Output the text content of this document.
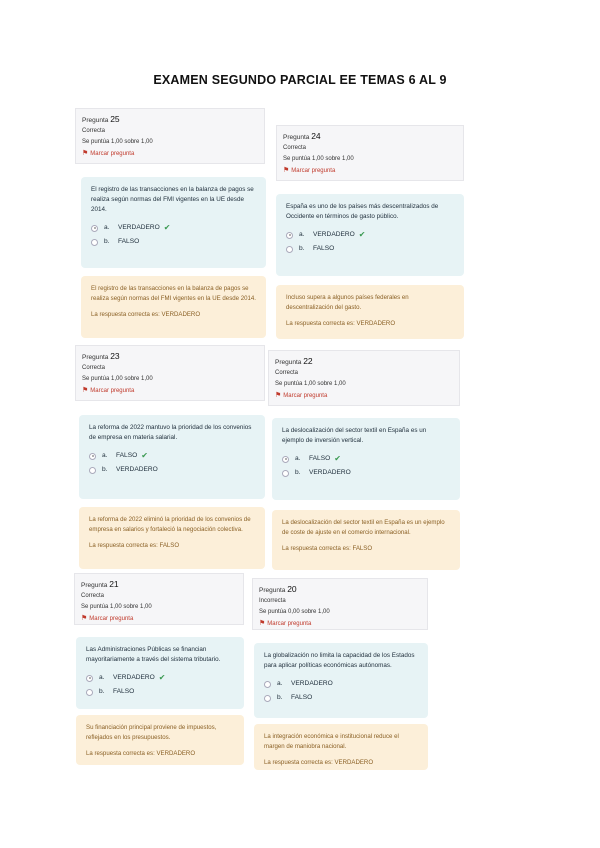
EXAMEN SEGUNDO PARCIAL EE TEMAS 6 AL 9
Pregunta 25
Correcta
Se puntúa 1,00 sobre 1,00
⚑ Marcar pregunta
El registro de las transacciones en la balanza de pagos se realiza según normas del FMI vigentes en la UE desde 2014.
a.	VERDADERO ✔
b.	FALSO
El registro de las transacciones en la balanza de pagos se realiza según normas del FMI vigentes en la UE desde 2014.
La respuesta correcta es: VERDADERO
Pregunta 24
Correcta
Se puntúa 1,00 sobre 1,00
⚑ Marcar pregunta
España es uno de los países más descentralizados de Occidente en términos de gasto público.
a.	VERDADERO ✔
b.	FALSO
Incluso supera a algunos países federales en descentralización del gasto.
La respuesta correcta es: VERDADERO
Pregunta 23
Correcta
Se puntúa 1,00 sobre 1,00
⚑ Marcar pregunta
La reforma de 2022 mantuvo la prioridad de los convenios de empresa en materia salarial.
a.	FALSO ✔
b.	VERDADERO
La reforma de 2022 eliminó la prioridad de los convenios de empresa en salarios y fortaleció la negociación colectiva.
La respuesta correcta es: FALSO
Pregunta 22
Correcta
Se puntúa 1,00 sobre 1,00
⚑ Marcar pregunta
La deslocalización del sector textil en España es un ejemplo de inversión vertical.
a.	FALSO ✔
b.	VERDADERO
La deslocalización del sector textil en España es un ejemplo de coste de ajuste en el comercio internacional.
La respuesta correcta es: FALSO
Pregunta 21
Correcta
Se puntúa 1,00 sobre 1,00
⚑ Marcar pregunta
Las Administraciones Públicas se financian mayoritariamente a través del sistema tributario.
a.	VERDADERO ✔
b.	FALSO
Su financiación principal proviene de impuestos, reflejados en los presupuestos.
La respuesta correcta es: VERDADERO
Pregunta 20
Incorrecta
Se puntúa 0,00 sobre 1,00
⚑ Marcar pregunta
La globalización no limita la capacidad de los Estados para aplicar políticas económicas autónomas.
a.	VERDADERO
b.	FALSO
La integración económica e institucional reduce el margen de maniobra nacional.
La respuesta correcta es: VERDADERO
